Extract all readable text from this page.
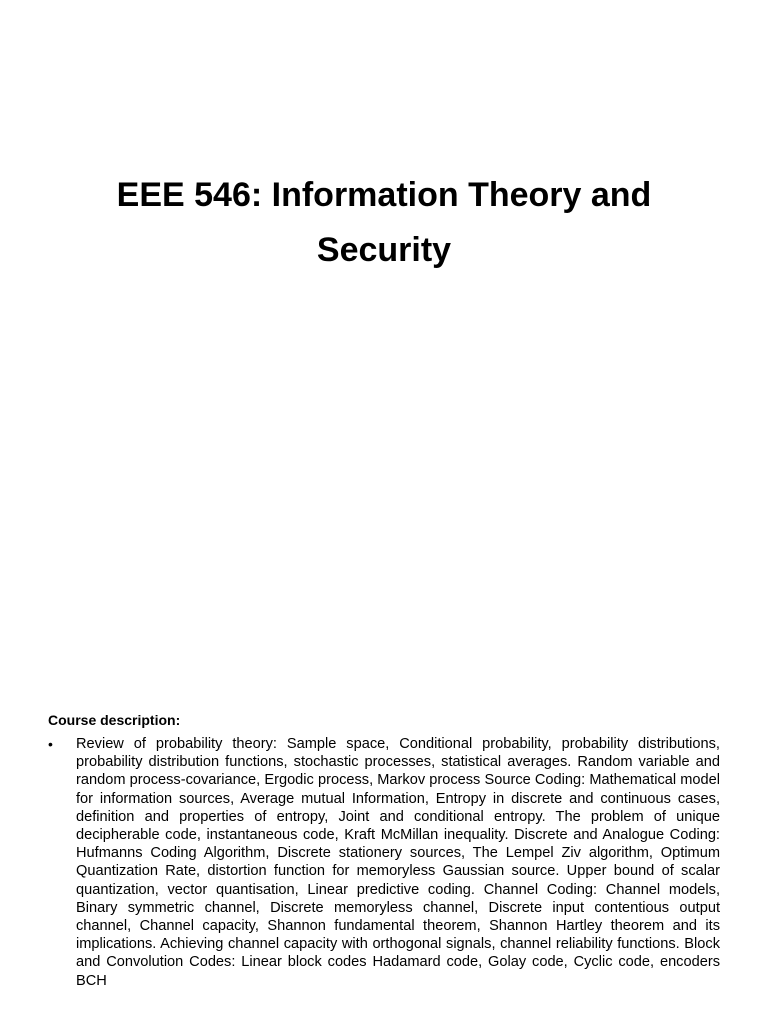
EEE 546: Information Theory and Security
Course description:
•	Review of probability theory: Sample space, Conditional probability, probability distributions, probability distribution functions, stochastic processes, statistical averages. Random variable and random process-covariance, Ergodic process, Markov process Source Coding: Mathematical model for information sources, Average mutual Information, Entropy in discrete and continuous cases, definition and properties of entropy, Joint and conditional entropy. The problem of unique decipherable code, instantaneous code, Kraft McMillan inequality. Discrete and Analogue Coding: Hufmanns Coding Algorithm, Discrete stationery sources, The Lempel Ziv algorithm, Optimum Quantization Rate, distortion function for memoryless Gaussian source. Upper bound of scalar quantization, vector quantisation, Linear predictive coding. Channel Coding: Channel models, Binary symmetric channel, Discrete memoryless channel, Discrete input contentious output channel, Channel capacity, Shannon fundamental theorem, Shannon Hartley theorem and its implications. Achieving channel capacity with orthogonal signals, channel reliability functions. Block and Convolution Codes: Linear block codes Hadamard code, Golay code, Cyclic code, encoders BCH
